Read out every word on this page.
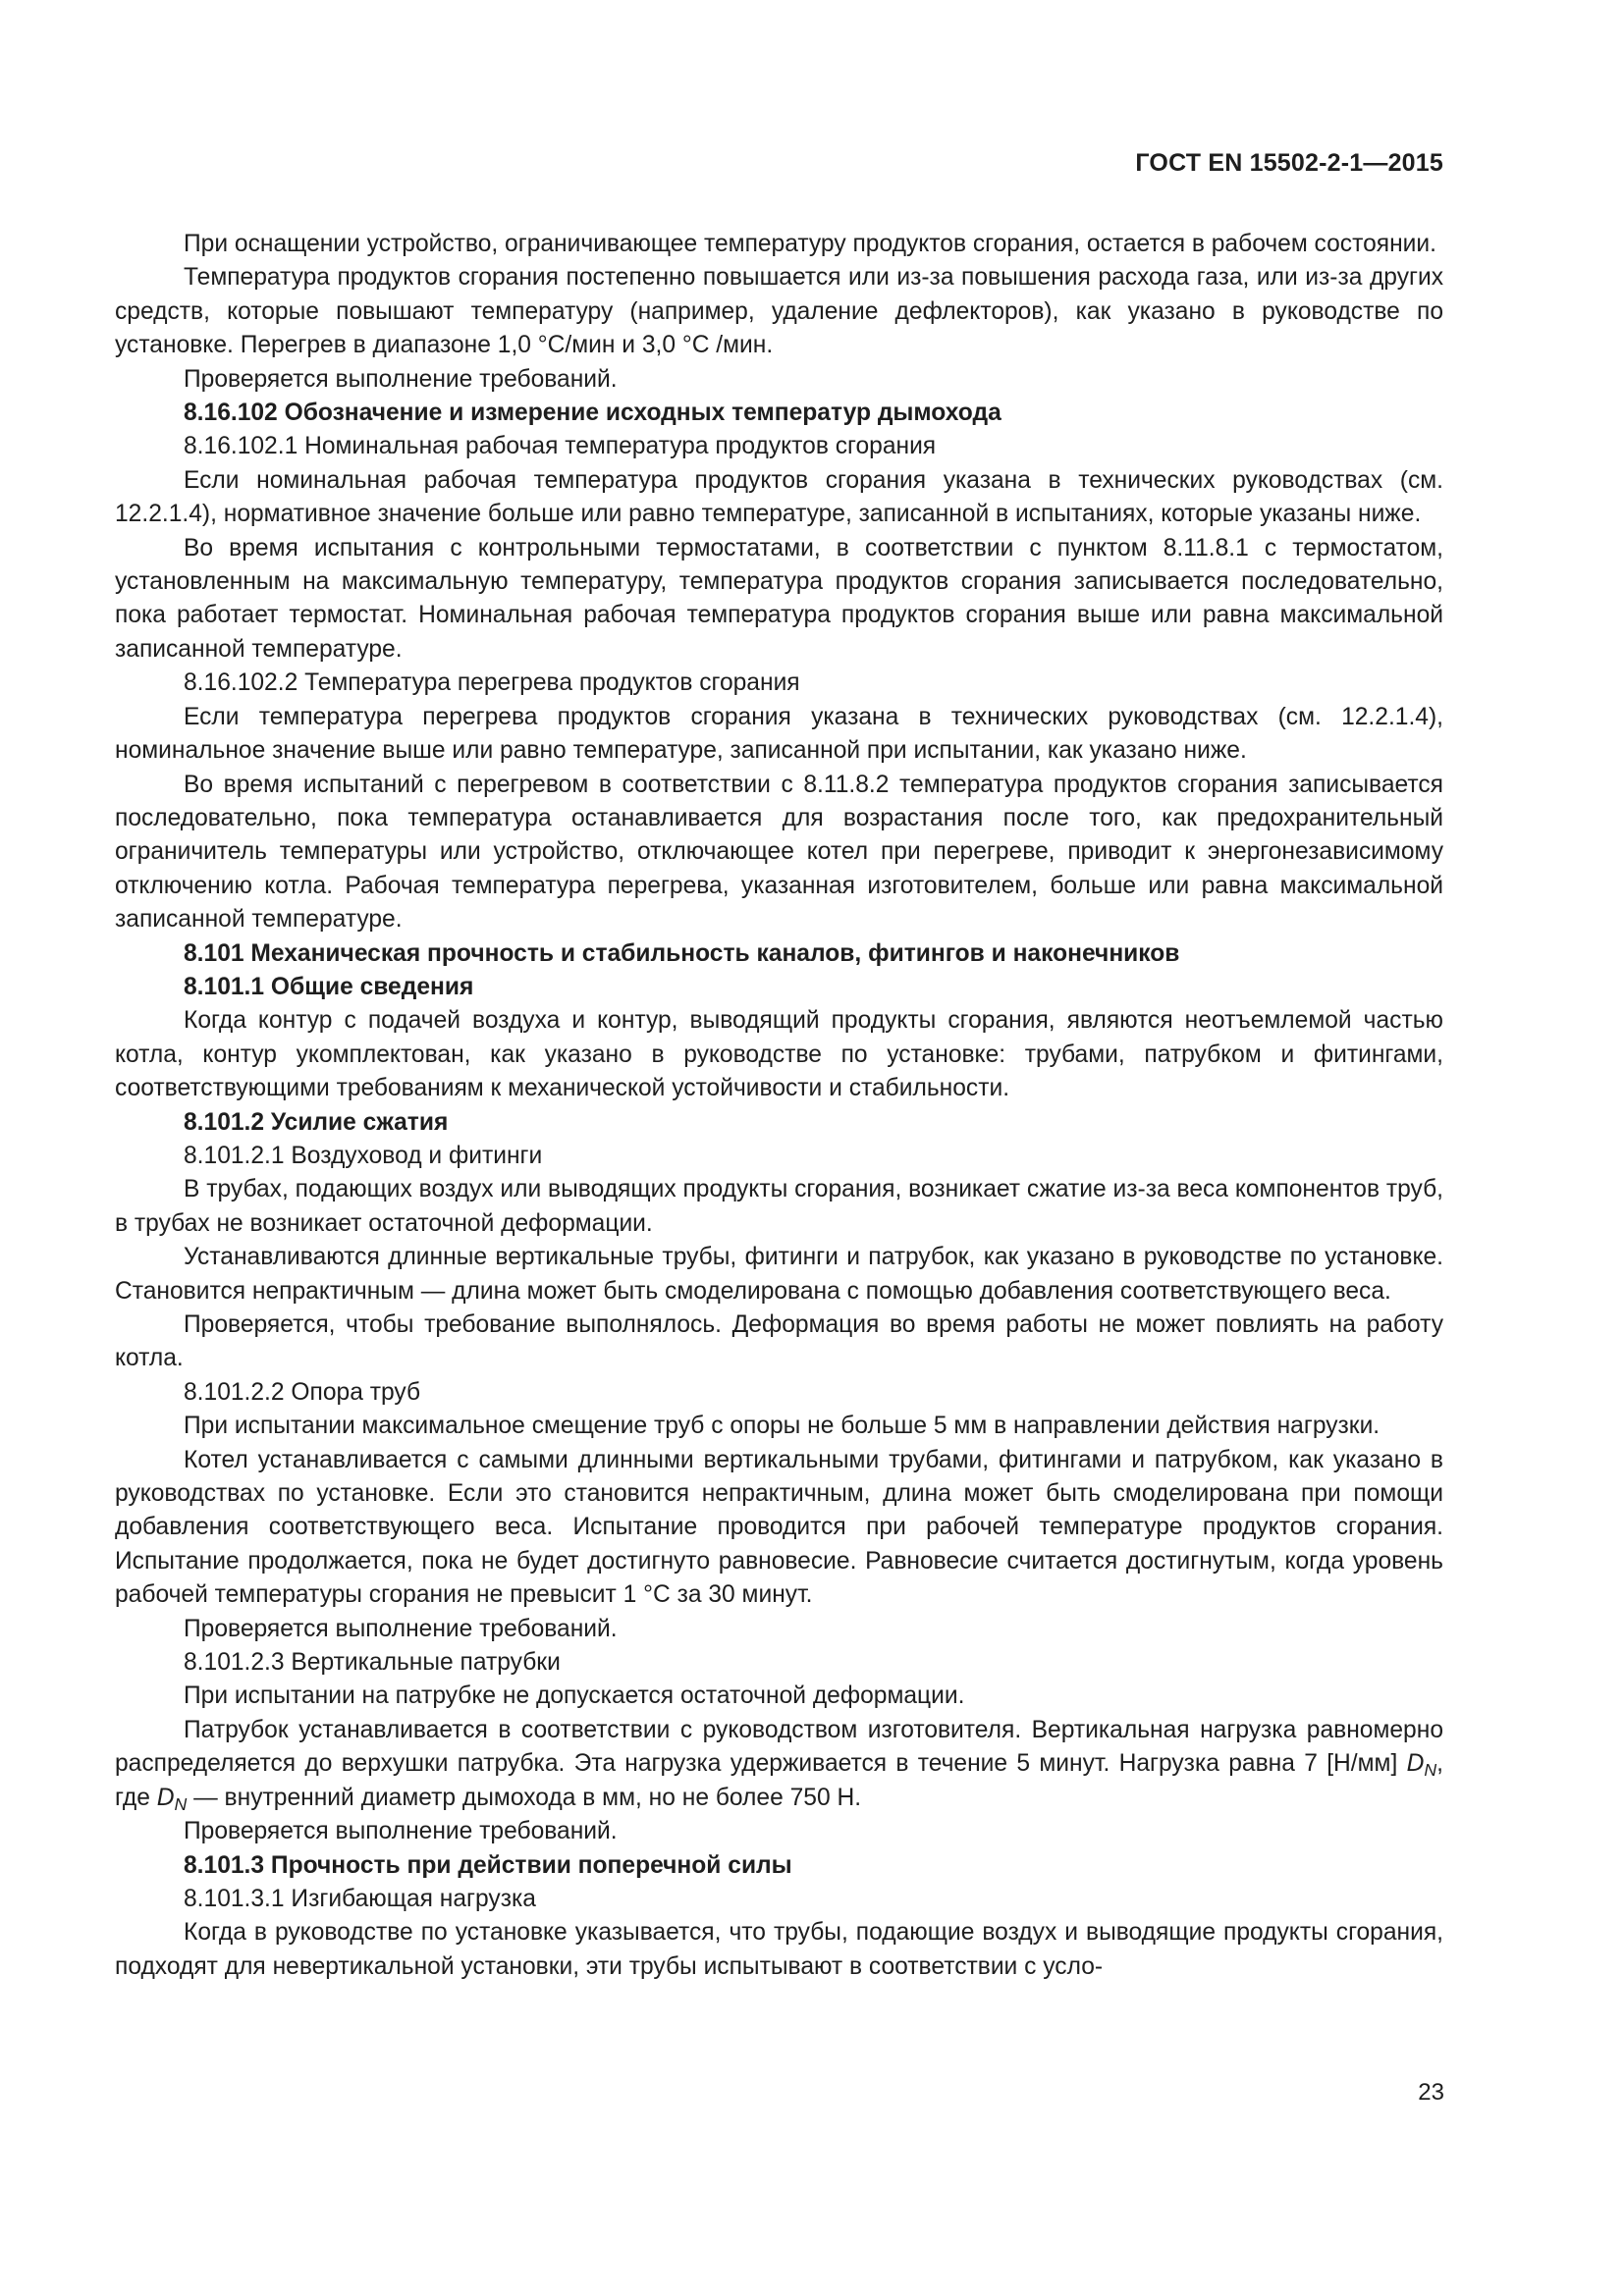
ГОСТ EN 15502-2-1—2015

При оснащении устройство, ограничивающее температуру продуктов сгорания, остается в рабочем состоянии.

Температура продуктов сгорания постепенно повышается или из-за повышения расхода газа, или из-за других средств, которые повышают температуру (например, удаление дефлекторов), как указано в руководстве по установке. Перегрев в диапазоне 1,0 °С/мин и 3,0 °С /мин.

Проверяется выполнение требований.

8.16.102 Обозначение и измерение исходных температур дымохода

8.16.102.1 Номинальная рабочая температура продуктов сгорания

Если номинальная рабочая температура продуктов сгорания указана в технических руководствах (см. 12.2.1.4), нормативное значение больше или равно температуре, записанной в испытаниях, которые указаны ниже.

Во время испытания с контрольными термостатами, в соответствии с пунктом 8.11.8.1 с термостатом, установленным на максимальную температуру, температура продуктов сгорания записывается последовательно, пока работает термостат. Номинальная рабочая температура продуктов сгорания выше или равна максимальной записанной температуре.

8.16.102.2 Температура перегрева продуктов сгорания

Если температура перегрева продуктов сгорания указана в технических руководствах (см. 12.2.1.4), номинальное значение выше или равно температуре, записанной при испытании, как указано ниже.

Во время испытаний с перегревом в соответствии с 8.11.8.2 температура продуктов сгорания записывается последовательно, пока температура останавливается для возрастания после того, как предохранительный ограничитель температуры или устройство, отключающее котел при перегреве, приводит к энергонезависимому отключению котла. Рабочая температура перегрева, указанная изготовителем, больше или равна максимальной записанной температуре.

8.101 Механическая прочность и стабильность каналов, фитингов и наконечников

8.101.1 Общие сведения

Когда контур с подачей воздуха и контур, выводящий продукты сгорания, являются неотъемлемой частью котла, контур укомплектован, как указано в руководстве по установке: трубами, патрубком и фитингами, соответствующими требованиям к механической устойчивости и стабильности.

8.101.2 Усилие сжатия

8.101.2.1 Воздуховод и фитинги

В трубах, подающих воздух или выводящих продукты сгорания, возникает сжатие из-за веса компонентов труб, в трубах не возникает остаточной деформации.

Устанавливаются длинные вертикальные трубы, фитинги и патрубок, как указано в руководстве по установке. Становится непрактичным — длина может быть смоделирована с помощью добавления соответствующего веса.

Проверяется, чтобы требование выполнялось. Деформация во время работы не может повлиять на работу котла.

8.101.2.2 Опора труб

При испытании максимальное смещение труб с опоры не больше 5 мм в направлении действия нагрузки.

Котел устанавливается с самыми длинными вертикальными трубами, фитингами и патрубком, как указано в руководствах по установке. Если это становится непрактичным, длина может быть смоделирована при помощи добавления соответствующего веса. Испытание проводится при рабочей температуре продуктов сгорания. Испытание продолжается, пока не будет достигнуто равновесие. Равновесие считается достигнутым, когда уровень рабочей температуры сгорания не превысит 1 °С за 30 минут.

Проверяется выполнение требований.

8.101.2.3 Вертикальные патрубки

При испытании на патрубке не допускается остаточной деформации.

Патрубок устанавливается в соответствии с руководством изготовителя. Вертикальная нагрузка равномерно распределяется до верхушки патрубка. Эта нагрузка удерживается в течение 5 минут. Нагрузка равна 7 [Н/мм] $D_N$, где $D_N$ — внутренний диаметр дымохода в мм, но не более 750 Н.

Проверяется выполнение требований.

8.101.3 Прочность при действии поперечной силы

8.101.3.1 Изгибающая нагрузка

Когда в руководстве по установке указывается, что трубы, подающие воздух и выводящие продукты сгорания, подходят для невертикальной установки, эти трубы испытывают в соответствии с усло-

23
